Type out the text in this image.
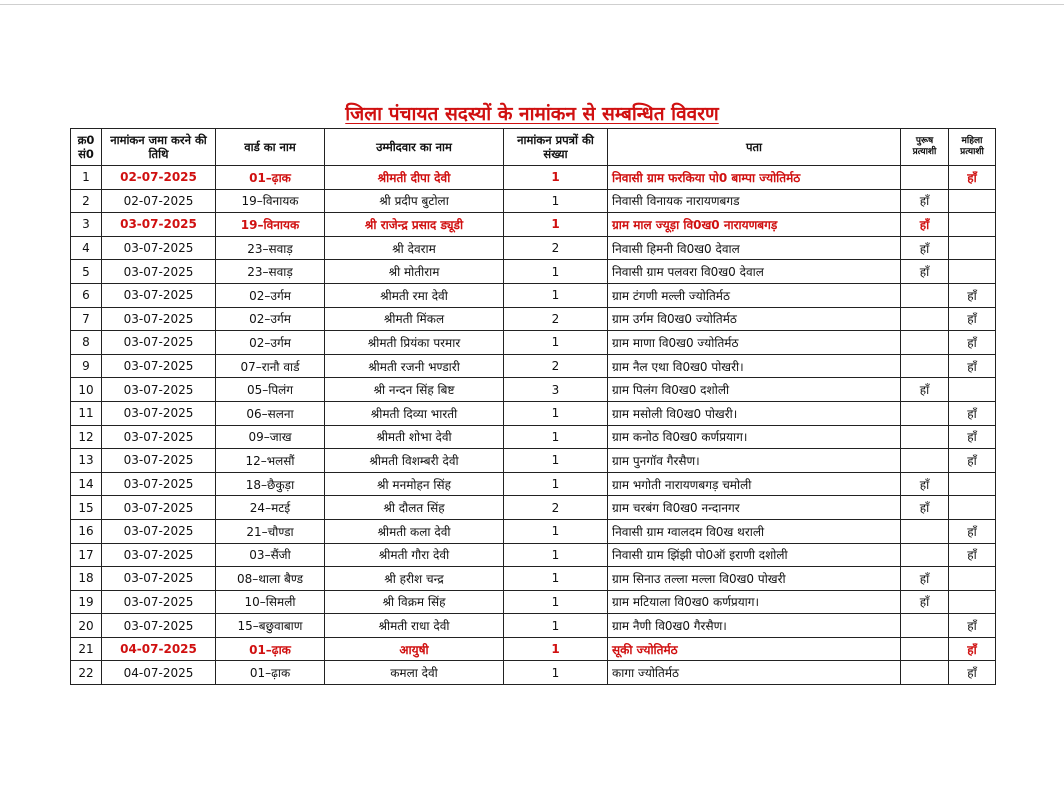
जिला पंचायत सदस्यों के नामांकन से सम्बन्धित विवरण
क्र0 सं0	नामांकन जमा करने की तिथि	वार्ड का नाम	उम्मीदवार का नाम	नामांकन प्रपत्रों की संख्या	पता	पुरूष प्रत्याशी	महिला प्रत्याशी
1	02-07-2025	01–ढ़ाक	श्रीमती दीपा देवी	1	निवासी ग्राम फरकिया पो0 बाम्पा ज्योतिर्मठ		हाँ
2	02-07-2025	19–विनायक	श्री प्रदीप बुटोला	1	निवासी विनायक नारायणबगड	हाँ	
3	03-07-2025	19–विनायक	श्री राजेन्द्र प्रसाद ड्यूडी	1	ग्राम माल ज्यूड़ा वि0ख0 नारायणबगड़	हाँ	
4	03-07-2025	23–सवाड़	श्री देवराम	2	निवासी हिमनी वि0ख0 देवाल	हाँ	
5	03-07-2025	23–सवाड़	श्री मोतीराम	1	निवासी ग्राम पलवरा वि0ख0 देवाल	हाँ	
6	03-07-2025	02–उर्गम	श्रीमती रमा देवी	1	ग्राम टंगणी मल्ली ज्योतिर्मठ		हाँ
7	03-07-2025	02–उर्गम	श्रीमती मिंकल	2	ग्राम उर्गम वि0ख0 ज्योतिर्मठ		हाँ
8	03-07-2025	02–उर्गम	श्रीमती प्रियंका परमार	1	ग्राम माणा वि0ख0 ज्योतिर्मठ		हाँ
9	03-07-2025	07–रानौ वार्ड	श्रीमती रजनी भण्डारी	2	ग्राम नैल एथा वि0ख0 पोखरी।		हाँ
10	03-07-2025	05–पिलंग	श्री नन्दन सिंह बिष्ट	3	ग्राम पिलंग वि0ख0 दशोली	हाँ	
11	03-07-2025	06–सलना	श्रीमती दिव्या भारती	1	ग्राम मसोली वि0ख0 पोखरी।		हाँ
12	03-07-2025	09–जाख	श्रीमती शोभा देवी	1	ग्राम कनोठ वि0ख0 कर्णप्रयाग।		हाँ
13	03-07-2025	12–भलसौं	श्रीमती विशम्बरी देवी	1	ग्राम पुनगॉव गैरसैण।		हाँ
14	03-07-2025	18–छैकुड़ा	श्री मनमोहन सिंह	1	ग्राम भगोती नारायणबगड़ चमोली	हाँ	
15	03-07-2025	24–मटई	श्री दौलत सिंह	2	ग्राम चरबंग वि0ख0 नन्दानगर	हाँ	
16	03-07-2025	21–चौण्डा	श्रीमती कला देवी	1	निवासी ग्राम ग्वालदम वि0ख थराली		हाँ
17	03-07-2025	03–सैंजी	श्रीमती गौरा देवी	1	निवासी ग्राम झिंझी पो0ऑ इराणी दशोली		हाँ
18	03-07-2025	08–थाला बैण्ड	श्री हरीश चन्द्र	1	ग्राम सिनाउ तल्ला मल्ला वि0ख0 पोखरी	हाँ	
19	03-07-2025	10–सिमली	श्री विक्रम सिंह	1	ग्राम मटियाला वि0ख0 कर्णप्रयाग।	हाँ	
20	03-07-2025	15–बछुवाबाण	श्रीमती राधा देवी	1	ग्राम नैणी वि0ख0 गैरसैण।		हाँ
21	04-07-2025	01–ढ़ाक	आयुषी	1	सूकी ज्योतिर्मठ		हाँ
22	04-07-2025	01–ढ़ाक	कमला देवी	1	कागा ज्योतिर्मठ		हाँ
